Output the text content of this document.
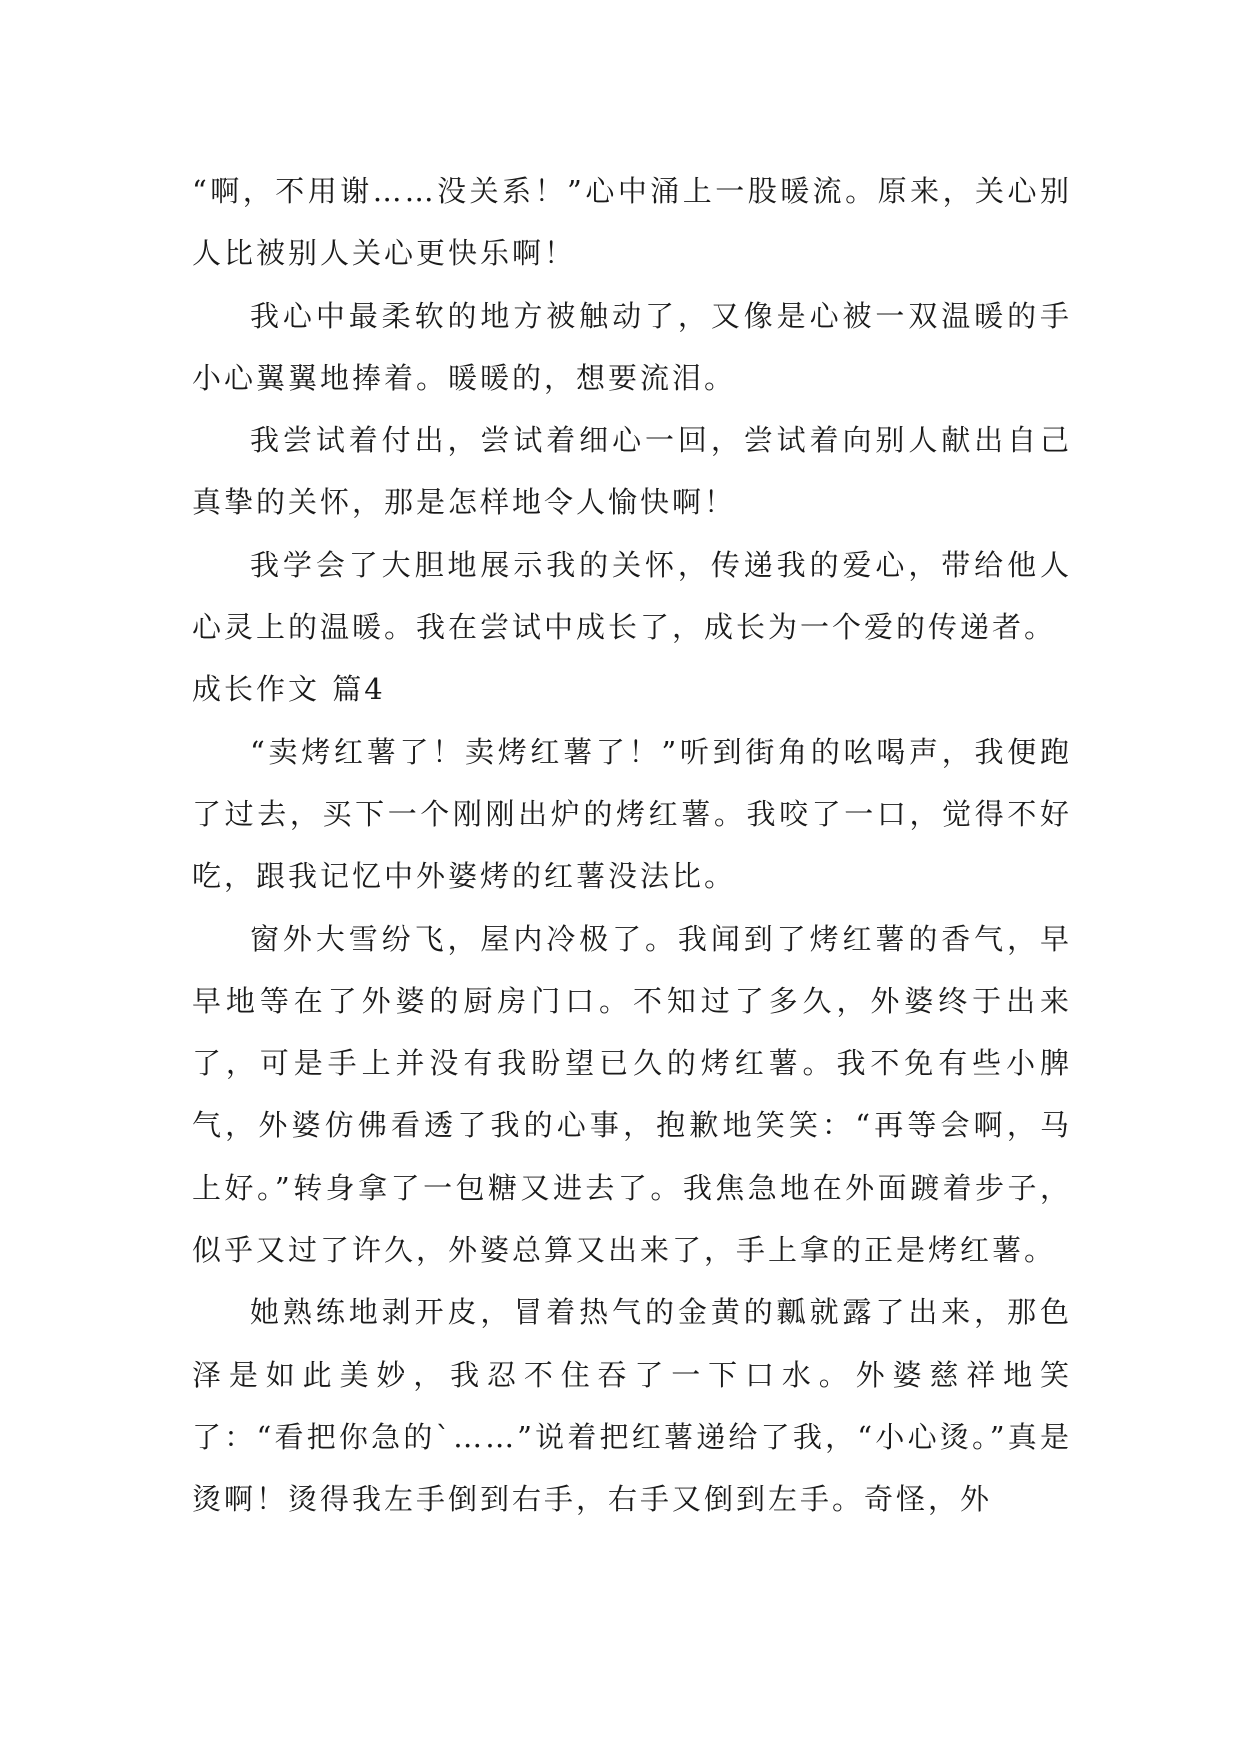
“啊，不用谢……没关系！”心中涌上一股暖流。原来，关心别人比被别人关心更快乐啊！

我心中最柔软的地方被触动了，又像是心被一双温暖的手小心翼翼地捧着。暖暖的，想要流泪。

我尝试着付出，尝试着细心一回，尝试着向别人献出自己真挚的关怀，那是怎样地令人愉快啊！

我学会了大胆地展示我的关怀，传递我的爱心，带给他人心灵上的温暖。我在尝试中成长了，成长为一个爱的传递者。

成长作文 篇4

“卖烤红薯了！卖烤红薯了！”听到街角的吆喝声，我便跑了过去，买下一个刚刚出炉的烤红薯。我咬了一口，觉得不好吃，跟我记忆中外婆烤的红薯没法比。

窗外大雪纷飞，屋内冷极了。我闻到了烤红薯的香气，早早地等在了外婆的厨房门口。不知过了多久，外婆终于出来了，可是手上并没有我盼望已久的烤红薯。我不免有些小脾气，外婆仿佛看透了我的心事，抱歉地笑笑：“再等会啊，马上好。”转身拿了一包糖又进去了。我焦急地在外面踱着步子，似乎又过了许久，外婆总算又出来了，手上拿的正是烤红薯。

她熟练地剥开皮，冒着热气的金黄的瓤就露了出来，那色泽是如此美妙，我忍不住吞了一下口水。外婆慈祥地笑了：“看把你急的`……”说着把红薯递给了我，“小心烫。”真是烫啊！烫得我左手倒到右手，右手又倒到左手。奇怪，外
